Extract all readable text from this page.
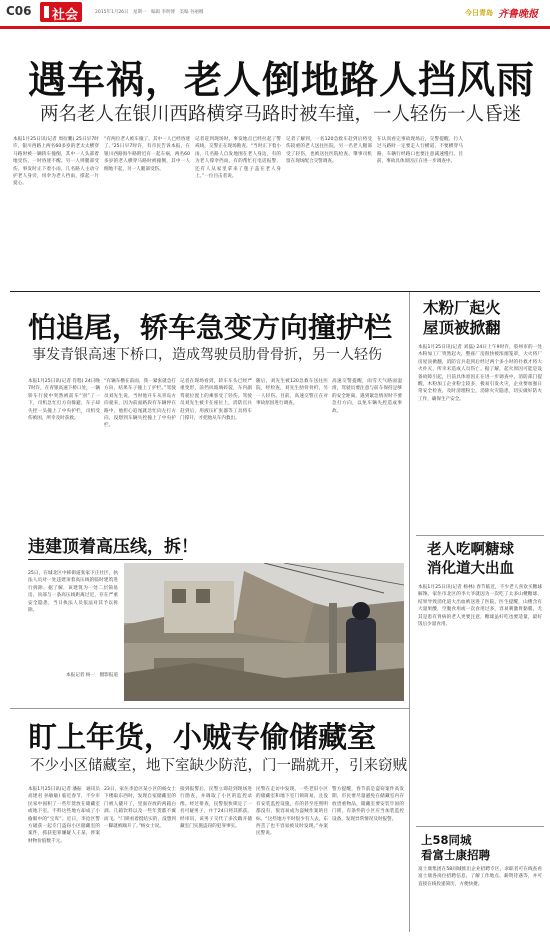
C06 社会	2015年1月26日　星期一　编辑 李明博　美编 谷丽娜	今日青岛 齐鲁晚报
遇车祸，老人倒地路人挡风雨
两名老人在银川西路横穿马路时被车撞，一人轻伤一人昏迷
本报1月25日讯(记者 周衍鹏) 25日早7时许，银川西路上两名60多岁的老太太横穿马路时被一辆轿车撞倒，其中一人头部着地受伤，一时昏迷不醒。另一人则腿部受伤。事发时正下着小雨，几名路人主动守护老人身旁，用伞为老人挡雨，撑起一片爱心。
“有两位老人被车撞了，其中一人已经昏迷了。”25日早7时许，有市民告诉本报，在银川西路海牛路附近有一起车祸，两名60多岁的老人横穿马路时被撞倒，其中一人倒地不起，另一人腿部受伤。
记者赶到现场时，事发地点已经拉起了警戒线，交警正在现场勘查。“当时正下着小雨，几名路人自发地围在老人身边，有的为老人撑伞挡雨，有的帮忙打电话报警，还有人从家里拿来了毯子盖在老人身上。”一位目击者说。
记者了解到，一名120急救车赶到后将受伤较重的老人送往医院，另一名老人腿部受了轻伤，也被送往医院检查。肇事司机留在现场配合交警调查。
在认真看完事故现场后，交警提醒，行人过马路时一定要走人行横道，不要横穿马路，车辆行经路口也要注意减速慢行。目前，事故具体原因正在进一步调查中。
怕追尾，轿车急变方向撞护栏
事发青银高速下桥口，造成驾驶员肋骨骨折，另一人轻伤
本报1月25日讯(记者 肖程) 24日晚7时许，在青银高速下桥口处，一辆轿车行驶中突然被前车“别”了一下，司机急忙打方向躲避，车子却失控一头撞上了中央护栏，司机受伤被困，所幸及时获救。
“有辆车横在前面，我一紧张就急打方向，结果车子撞上了护栏。”驾驶员刘先生说，当时他开车从青岛方向驶来，因为前面路段有车辆停在路中，他担心追尾就急忙向左打方向，没想到车辆失控撞上了中央护栏。
记者在现场看到，轿车车头已经严重变形，前挡风玻璃碎裂，车内副驾驶位置上的乘客受了轻伤。驾驶员刘先生被卡在座位上，消防官兵赶到后，用液压扩张器等工具将车门撑开，才把他从车内救出。
随后，刘先生被120急救车送往医院，经检查，刘先生肋骨骨折，另一人轻伤。目前，高速交警正在对事故原因进行调查。
高速交警提醒，雨雪天气路面湿滑，驾驶员要注意与前车保持足够的安全距离，遇到紧急情况时不要急打方向，以免车辆失控造成事故。
违建顶着高压线，拆！
25日，在城北区中韩街道张家下庄社区，执法人员对一处违建顶着高压线的临时建筑进行拆除。据了解，该建筑为一处二层简易房，顶部与一条高压线距离过近，存在严重安全隐患，当日执法人员依法对其予以拆除。
本报记者 杨一　摄影报道
盯上年货，小贼专偷储藏室
不少小区储藏室，地下室缺少防范，门一踹就开，引来窃贼
本报1月25日讯(记者 潘振　通讯员 高建君 孙敏敏) 临近春节，不少市民家中囤积了一些年货放在储藏室或地下室。不料这些地方却成了小偷眼中的“宝库”。近日，李沧区警方破获一起专门盗窃小区储藏室的案件，抓获犯罪嫌疑人王某，涉案财物价值数千元。
23日，家住李沧区某小区的杨女士下楼取东西时，发现自家储藏室的门被人撬开了，里面存放的两箱白酒、几箱饮料以及一些年货都不翼而飞。“门锁看着挺结实的，没想到一脚就被踹开了。”杨女士说。
接到报警后，民警立即赶到现场进行勘查，并调取了小区的监控录像。经过排查，民警很快锁定了一名可疑男子，并于24日将其抓获。经审讯，该男子交代了多次踹开储藏室门实施盗窃的犯罪事实。
民警在走访中发现，一些老旧小区的储藏室和地下室门锁简易，且没有安装监控设施，有的甚至连照明都没有，很容易成为盗贼作案的目标。“这些地方平时很少有人去，东西丢了也不容易被及时发现。”办案民警说。
警方提醒，春节前是盗窃案件高发期，市民要尽量避免在储藏室内存放贵重物品，储藏室要安装牢固的门锁，有条件的小区应当加装监控设备，发现异常情况及时报警。
木粉厂起火
屋顶被掀翻
本报1月25日讯(记者 刘磊) 24日上午9时许，胶州市的一处木粉加工厂突然起火，整座厂房很快被浓烟笼罩，大火将厂房屋顶掀翻，消防官兵赶到后经过两个多小时的扑救才将大火扑灭，所幸未造成人员伤亡。据了解，起火原因可能是设备故障引起，目前具体原因正在进一步调查中。消防部门提醒，木粉加工企业粉尘较多，极易引发火灾，企业要加强日常安全检查，及时清理粉尘，消除火灾隐患，切实做好防火工作，确保生产安全。
老人吃啊糖球
消化道大出血
本报1月25日讯(记者 杨林) 春节临近，不少老人喜欢买糖球解馋。家住市北区的李大爷就因为一次吃了太多山楂糖球，结果导致消化道大出血被送进了医院。医生提醒，山楂含有大量果酸，空腹食用或一次食用过多，容易刺激胃黏膜，尤其是患有胃病的老人更要注意，糖球虽好吃也要适量，最好饭后少量食用。
上58同城
看富士康招聘
富士康集团在58同城推出企业招聘专区，求职者可在线查看富士康各岗位招聘信息，了解工作地点、薪资待遇等，并可直接在线投递简历，方便快捷。
